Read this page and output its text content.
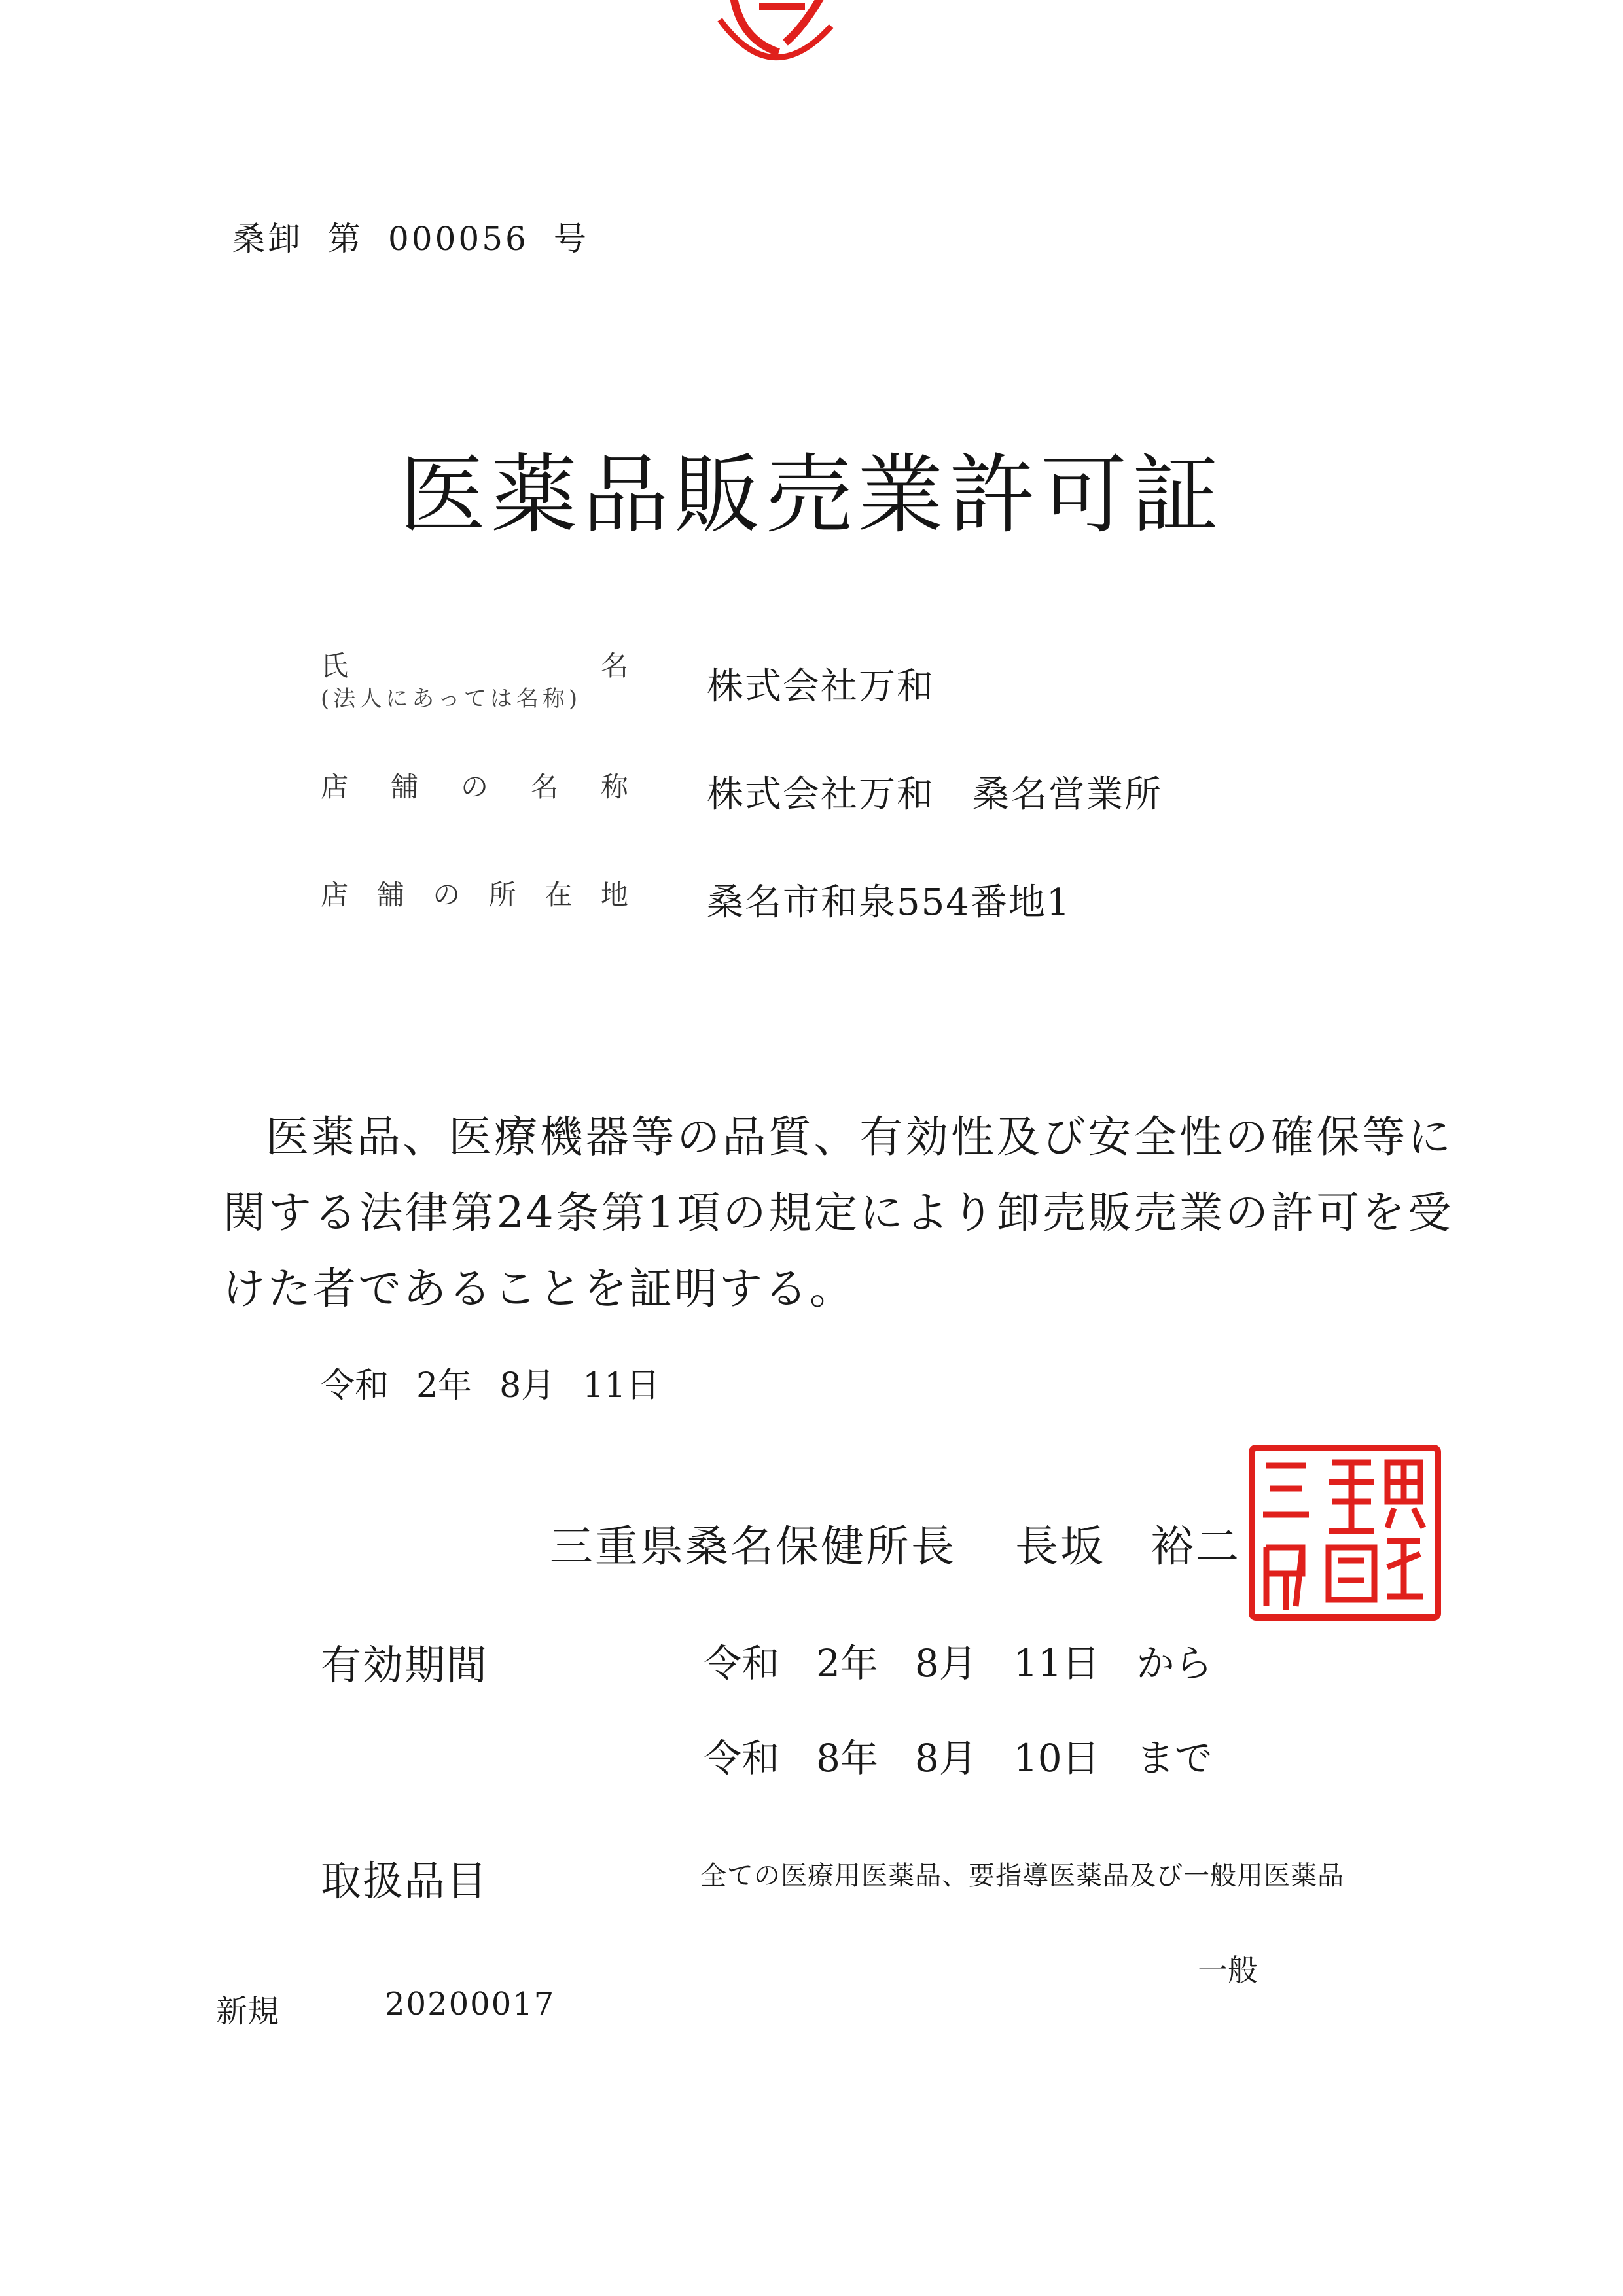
桑卸 第 000056 号
医薬品販売業許可証
氏	名
(法人にあっては名称)	株式会社万和
店 舗 の 名 称 株式会社万和　桑名営業所
店 舗 の 所 在 地 桑名市和泉554番地1
医薬品、医療機器等の品質、有効性及び安全性の確保等に関する法律第24条第1項の規定により卸売販売業の許可を受けた者であることを証明する。
令和 2年 8月 11日
三重県桑名保健所長 長坂　裕二
有効期間	令和 2年 8月 11日 から
令和 8年 8月 10日 まで
取扱品目	全ての医療用医薬品、要指導医薬品及び一般用医薬品
一般
新規	20200017
